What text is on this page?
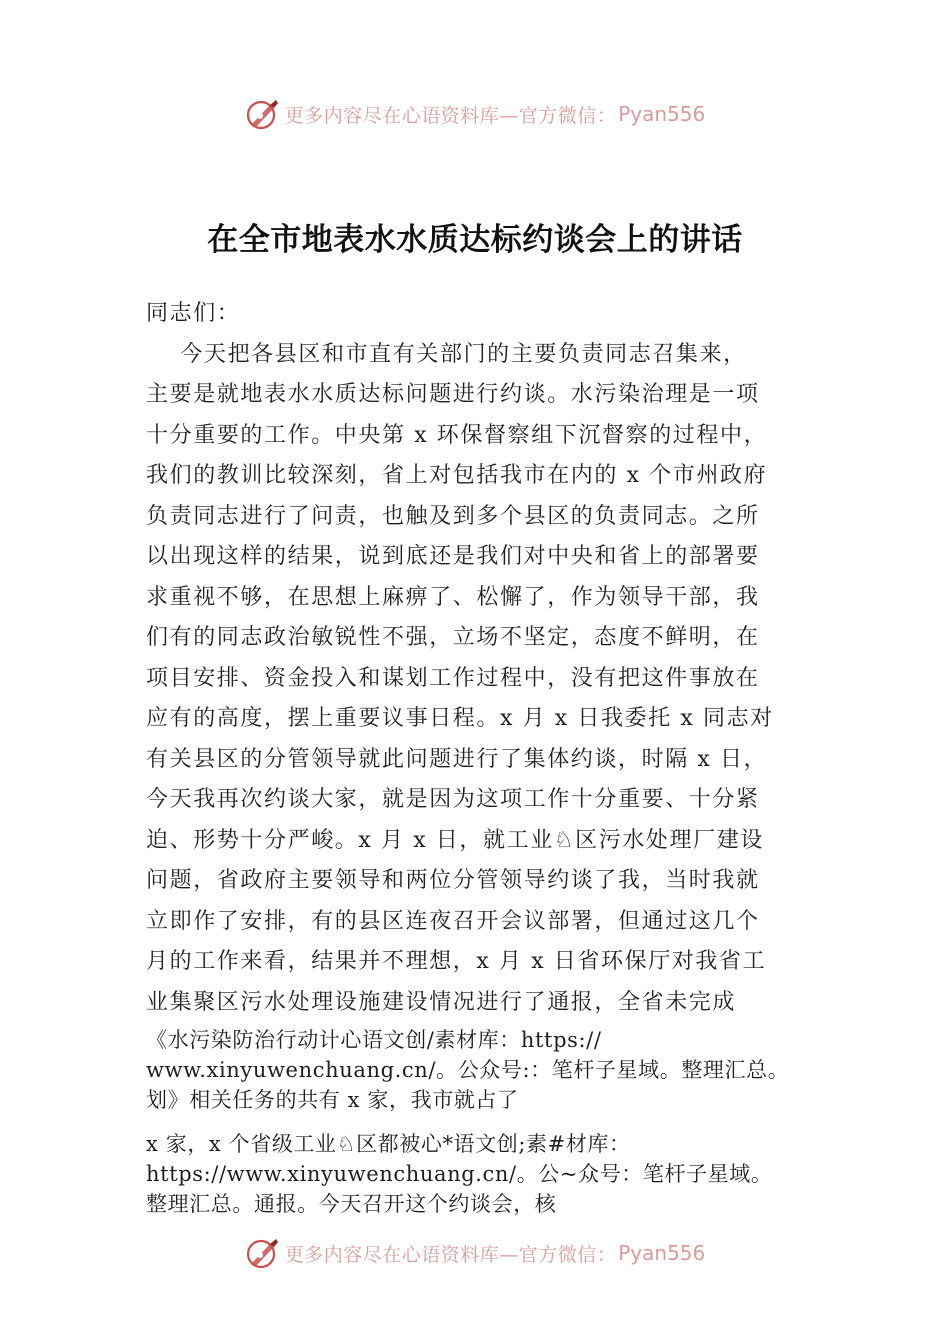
更多内容尽在心语资料库—官方微信： Pyan556
在全市地表水水质达标约谈会上的讲话
同志们：
今天把各县区和市直有关部门的主要负责同志召集来，
主要是就地表水水质达标问题进行约谈。水污染治理是一项
十分重要的工作。中央第 x 环保督察组下沉督察的过程中，
我们的教训比较深刻，省上对包括我市在内的 x 个市州政府
负责同志进行了问责，也触及到多个县区的负责同志。之所
以出现这样的结果，说到底还是我们对中央和省上的部署要
求重视不够，在思想上麻痹了、松懈了，作为领导干部，我
们有的同志政治敏锐性不强，立场不坚定，态度不鲜明，在
项目安排、资金投入和谋划工作过程中，没有把这件事放在
应有的高度，摆上重要议事日程。x 月 x 日我委托 x 同志对
有关县区的分管领导就此问题进行了集体约谈，时隔 x 日，
今天我再次约谈大家，就是因为这项工作十分重要、十分紧
迫、形势十分严峻。x 月 x 日，就工业♘区污水处理厂建设
问题，省政府主要领导和两位分管领导约谈了我，当时我就
立即作了安排，有的县区连夜召开会议部署，但通过这几个
月的工作来看，结果并不理想，x 月 x 日省环保厅对我省工
业集聚区污水处理设施建设情况进行了通报，全省未完成
《水污染防治行动计心语文创/素材库：https://
www.xinyuwenchuang.cn/。公众号:：笔杆子星域。整理汇总。
划》相关任务的共有 x 家，我市就占了
x 家，x 个省级工业♘区都被心*语文创;素#材库：
https://www.xinyuwenchuang.cn/。公~众号：笔杆子星域。
整理汇总。通报。今天召开这个约谈会，核
更多内容尽在心语资料库—官方微信： Pyan556
